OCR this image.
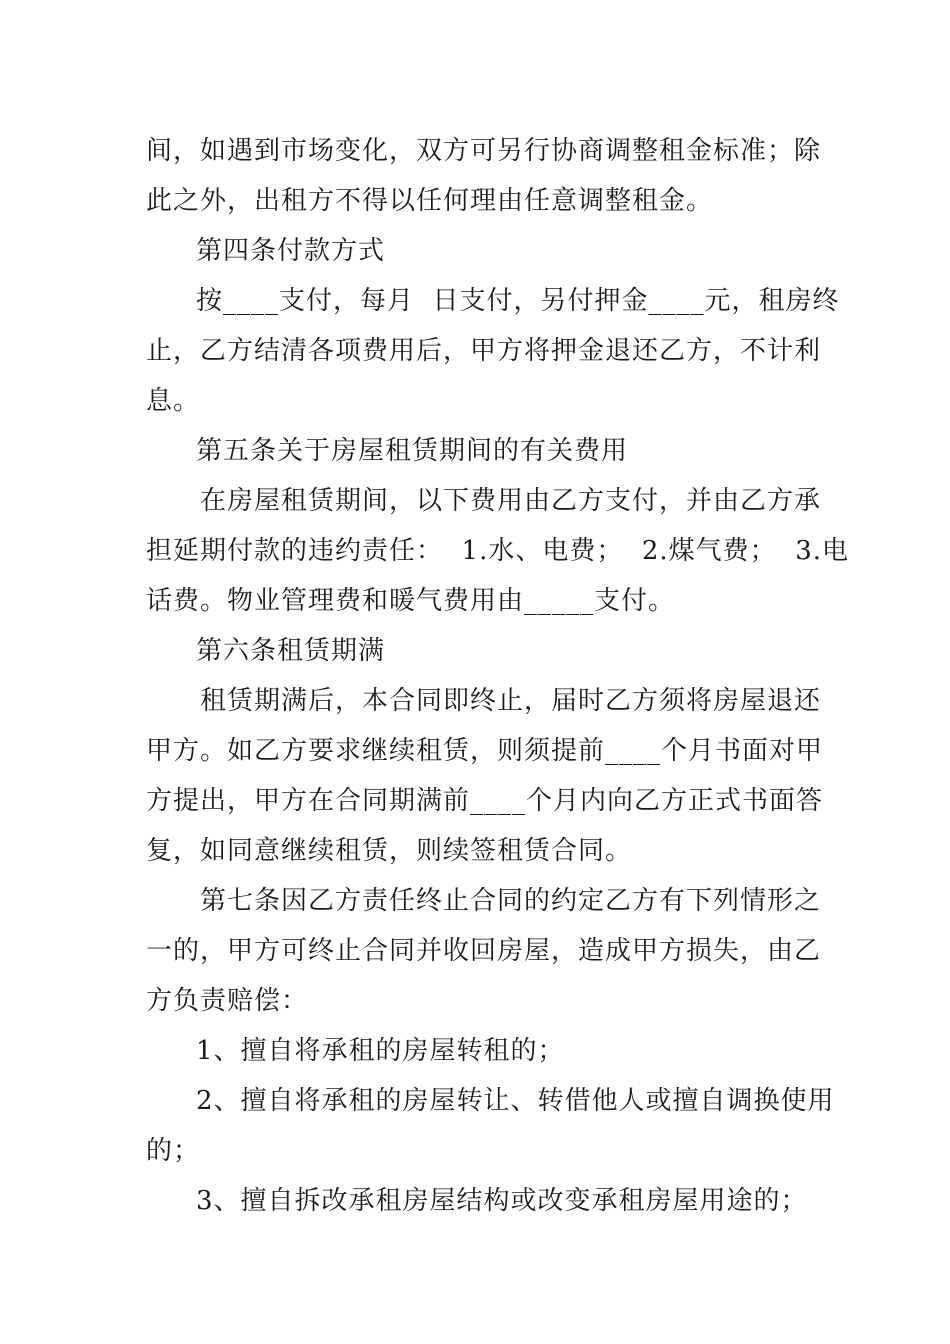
间，如遇到市场变化，双方可另行协商调整租金标准；除
此之外，出租方不得以任何理由任意调整租金。
第四条付款方式
按____支付，每月  日支付，另付押金____元，租房终
止，乙方结清各项费用后，甲方将押金退还乙方，不计利
息。
第五条关于房屋租赁期间的有关费用
在房屋租赁期间，以下费用由乙方支付，并由乙方承
担延期付款的违约责任：  1.水、电费；  2.煤气费；  3.电
话费。物业管理费和暖气费用由_____支付。
第六条租赁期满
租赁期满后，本合同即终止，届时乙方须将房屋退还
甲方。如乙方要求继续租赁，则须提前____个月书面对甲
方提出，甲方在合同期满前____个月内向乙方正式书面答
复，如同意继续租赁，则续签租赁合同。
第七条因乙方责任终止合同的约定乙方有下列情形之
一的，甲方可终止合同并收回房屋，造成甲方损失，由乙
方负责赔偿：
1、擅自将承租的房屋转租的；
2、擅自将承租的房屋转让、转借他人或擅自调换使用
的；
3、擅自拆改承租房屋结构或改变承租房屋用途的；
